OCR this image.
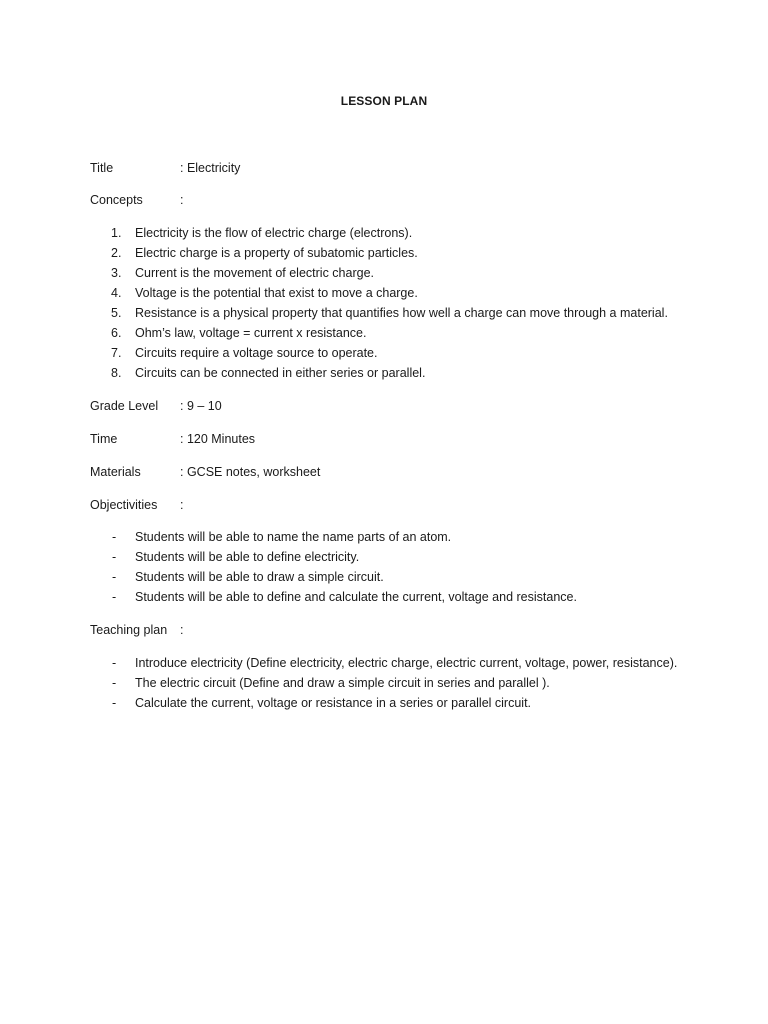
LESSON PLAN
Title	: Electricity
Concepts	:
1.	Electricity is the flow of electric charge (electrons).
2.	Electric charge is a property of subatomic particles.
3.	Current is the movement of electric charge.
4.	Voltage is the potential that exist to move a charge.
5.	Resistance is a physical property that quantifies how well a charge can move through a material.
6.	Ohm’s law, voltage = current x resistance.
7.	Circuits require a voltage source to operate.
8.	Circuits can be connected in either series or parallel.
Grade Level : 9 – 10
Time	: 120 Minutes
Materials	: GCSE notes, worksheet
Objectivities :
-	Students will be able to name the name parts of an atom.
-	Students will be able to define electricity.
-	Students will be able to draw a simple circuit.
-	Students will be able to define and calculate the current, voltage and resistance.
Teaching plan :
-	Introduce electricity (Define electricity, electric charge, electric current, voltage, power, resistance).
-	The electric circuit (Define and draw a simple circuit in series and parallel ).
-	Calculate the current, voltage or resistance in a series or parallel circuit.
